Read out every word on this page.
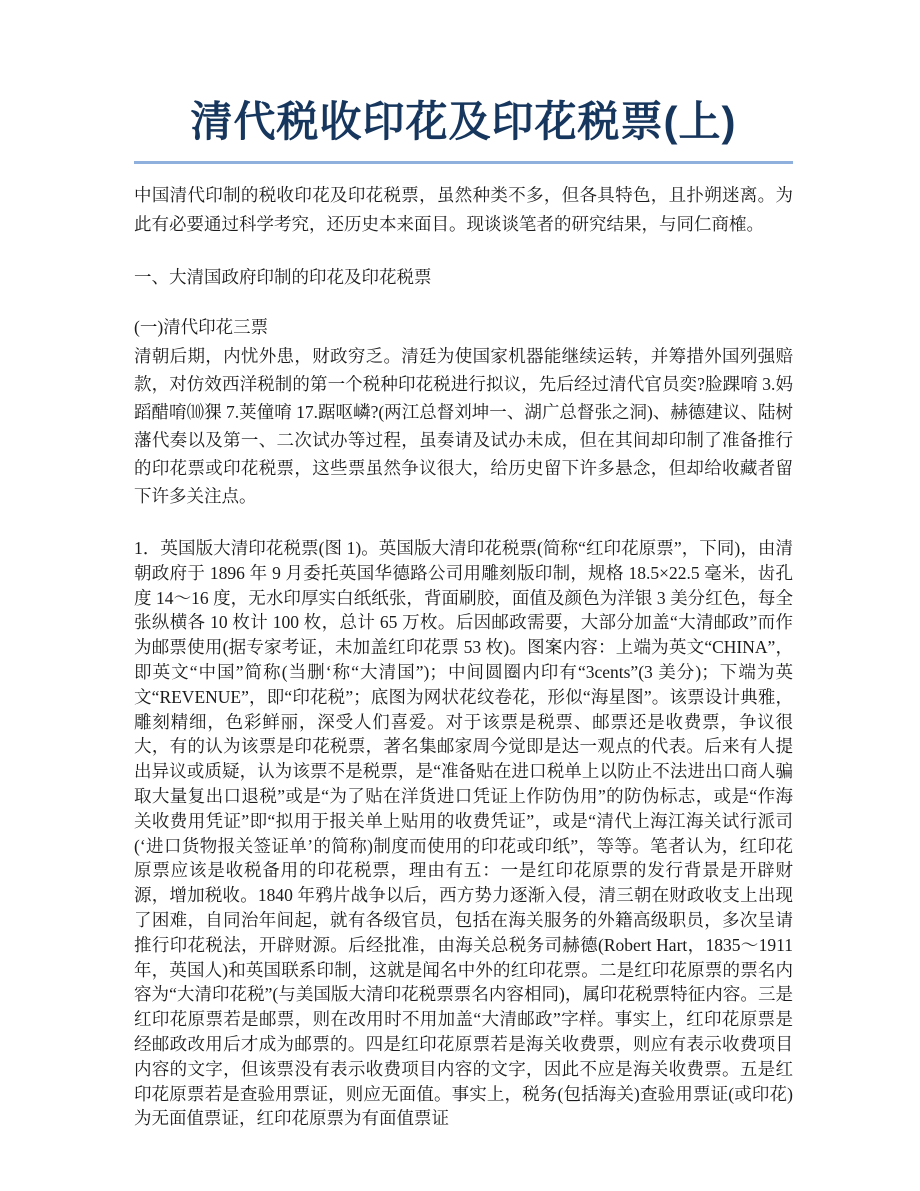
清代税收印花及印花税票(上)

中国清代印制的税收印花及印花税票，虽然种类不多，但各具特色，且扑朔迷离。为此有必要通过科学考究，还历史本来面目。现谈谈笔者的研究结果，与同仁商榷。

一、大清国政府印制的印花及印花税票
(一)清代印花三票

清朝后期，内忧外患，财政穷乏。清廷为使国家机器能继续运转，并筹措外国列强赔款，对仿效西洋税制的第一个税种印花税进行拟议，先后经过清代官员奕?脸踝唷 3.妈蹈醋唷⑽猓 7.荚僮唷 17.踞呕嶙?(两江总督刘坤一、湖广总督张之洞)、赫德建议、陆树藩代奏以及第一、二次试办等过程，虽奏请及试办未成，但在其间却印制了准备推行的印花票或印花税票，这些票虽然争议很大，给历史留下许多悬念，但却给收藏者留下许多关注点。

1．英国版大清印花税票(图 1)。英国版大清印花税票(简称“红印花原票”，下同)，由清朝政府于 1896 年 9 月委托英国华德路公司用雕刻版印制，规格 18.5×22.5 毫米，齿孔度 14～16 度，无水印厚实白纸纸张，背面刷胶，面值及颜色为洋银 3 美分红色，每全张纵横各 10 枚计 100 枚，总计 65 万枚。后因邮政需要，大部分加盖“大清邮政”而作为邮票使用(据专家考证，未加盖红印花票 53 枚)。图案内容：上端为英文“CHINA”，即英文“中国”简称(当删‘称“大清国”)；中间圆圈内印有“3cents”(3 美分)；下端为英文“REVENUE”，即“印花税”；底图为网状花纹卷花，形似“海星图”。该票设计典雅，雕刻精细，色彩鲜丽，深受人们喜爱。对于该票是税票、邮票还是收费票，争议很大，有的认为该票是印花税票，著名集邮家周今觉即是达一观点的代表。后来有人提出异议或质疑，认为该票不是税票，是“准备贴在进口税单上以防止不法进出口商人骗取大量复出口退税”或是“为了贴在洋货进口凭证上作防伪用”的防伪标志，或是“作海关收费用凭证”即“拟用于报关单上贴用的收费凭证”，或是“清代上海江海关试行派司(‘进口货物报关签证单’的简称)制度而使用的印花或印纸”，等等。笔者认为，红印花原票应该是收税备用的印花税票，理由有五：一是红印花原票的发行背景是开辟财源，增加税收。1840 年鸦片战争以后，西方势力逐渐入侵，清三朝在财政收支上出现了困难，自同治年间起，就有各级官员，包括在海关服务的外籍高级职员，多次呈请推行印花税法，开辟财源。后经批准，由海关总税务司赫德(Robert Hart，1835～1911 年，英国人)和英国联系印制，这就是闻名中外的红印花票。二是红印花原票的票名内容为“大清印花税”(与美国版大清印花税票票名内容相同)，属印花税票特征内容。三是红印花原票若是邮票，则在改用时不用加盖“大清邮政”字样。事实上，红印花原票是经邮政改用后才成为邮票的。四是红印花原票若是海关收费票，则应有表示收费项目内容的文字，但该票没有表示收费项目内容的文字，因此不应是海关收费票。五是红印花原票若是查验用票证，则应无面值。事实上，税务(包括海关)查验用票证(或印花)为无面值票证，红印花原票为有面值票证
